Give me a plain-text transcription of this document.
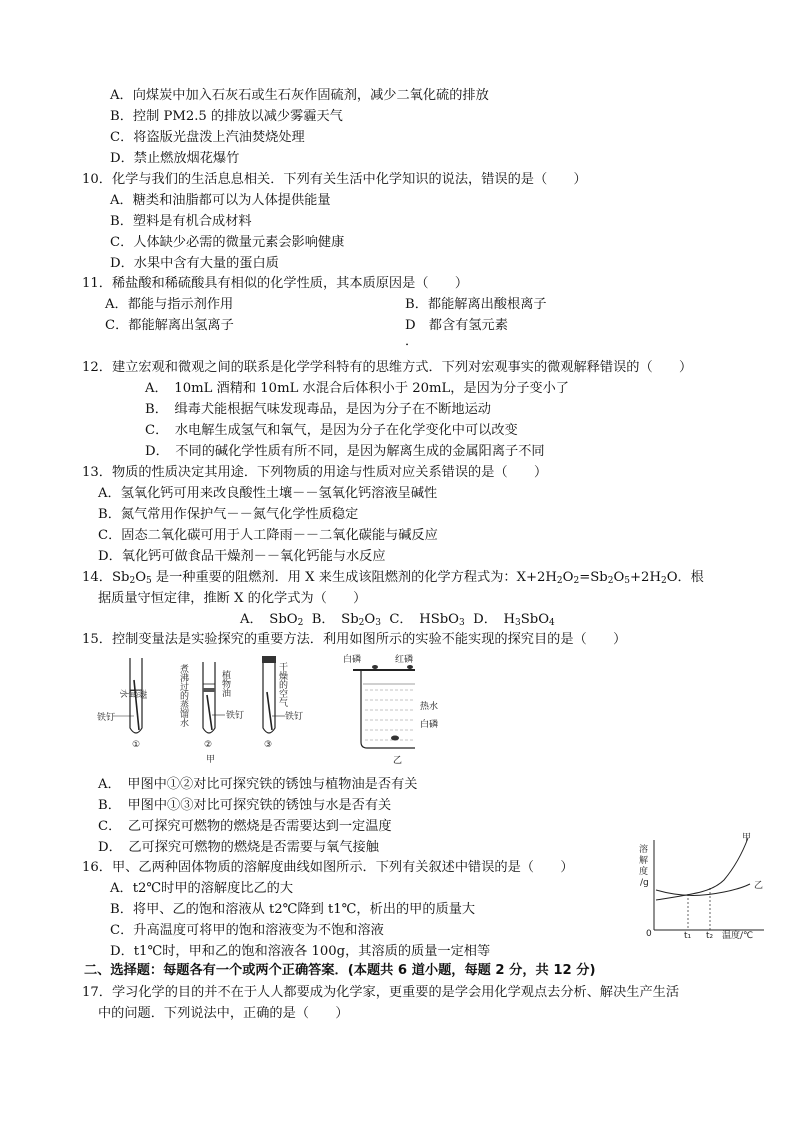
A．向煤炭中加入石灰石或生石灰作固硫剂，减少二氧化硫的排放
B．控制 PM2.5 的排放以减少雾霾天气
C．将盗版光盘泼上汽油焚烧处理
D．禁止燃放烟花爆竹
10．化学与我们的生活息息相关．下列有关生活中化学知识的说法，错误的是（　　）
A．糖类和油脂都可以为人体提供能量
B．塑料是有机合成材料
C．人体缺少必需的微量元素会影响健康
D．水果中含有大量的蛋白质
11．稀盐酸和稀硫酸具有相似的化学性质，其本质原因是（　　）
A．都能与指示剂作用	B．都能解离出酸根离子
C．都能解离出氢离子	D　都含有氢元素
．
12．建立宏观和微观之间的联系是化学学科特有的思维方式．下列对宏观事实的微观解释错误的（　　）
A．　10mL 酒精和 10mL 水混合后体积小于 20mL，是因为分子变小了
B．　缉毒犬能根据气味发现毒品，是因为分子在不断地运动
C．　水电解生成氢气和氧气，是因为分子在化学变化中可以改变
D．　不同的碱化学性质有所不同，是因为解离生成的金属阳离子不同
13．物质的性质决定其用途．下列物质的用途与性质对应关系错误的是（　　）
A．氢氧化钙可用来改良酸性土壤－－氢氧化钙溶液呈碱性
B．氮气常用作保护气－－氮气化学性质稳定
C．固态二氧化碳可用于人工降雨－－二氧化碳能与碱反应
D．氧化钙可做食品干燥剂－－氧化钙能与水反应
14．$Sb_2O_5$ 是一种重要的阻燃剂．用 X 来生成该阻燃剂的化学方程式为：$X+2H_2O_2=Sb_2O_5+2H_2O$．根
据质量守恒定律，推断 X 的化学式为（　　）
A．　SbO$_2$ B．　$Sb_2O_3$ C．　HSbO$_3$ D．　$H_3SbO_4$
15．控制变量法是实验探究的重要方法．利用如图所示的实验不能实现的探究目的是（　　）
铁钉
蒸馏水
①
铁钉
植物油
煮沸过的蒸馏水
②
甲
铁钉
干燥的空气
③
白磷	红磷
热水
白磷
乙
A．　甲图中①②对比可探究铁的锈蚀与植物油是否有关
B．　甲图中①③对比可探究铁的锈蚀与水是否有关
C．　乙可探究可燃物的燃烧是否需要达到一定温度
D．　乙可探究可燃物的燃烧是否需要与氧气接触
16．甲、乙两种固体物质的溶解度曲线如图所示．下列有关叙述中错误的是（　　）
A．t2℃时甲的溶解度比乙的大
B．将甲、乙的饱和溶液从 t2℃降到 t1℃，析出的甲的质量大
C．升高温度可将甲的饱和溶液变为不饱和溶液
D．t1℃时，甲和乙的饱和溶液各 100g，其溶质的质量一定相等
溶
解
度
/g
甲
乙
0	t₁ t₂ 温度/℃
二、选择题：每题各有一个或两个正确答案．(本题共 6 道小题，每题 2 分，共 12 分)
17．学习化学的目的并不在于人人都要成为化学家，更重要的是学会用化学观点去分析、解决生产生活
中的问题．下列说法中，正确的是（　　）
